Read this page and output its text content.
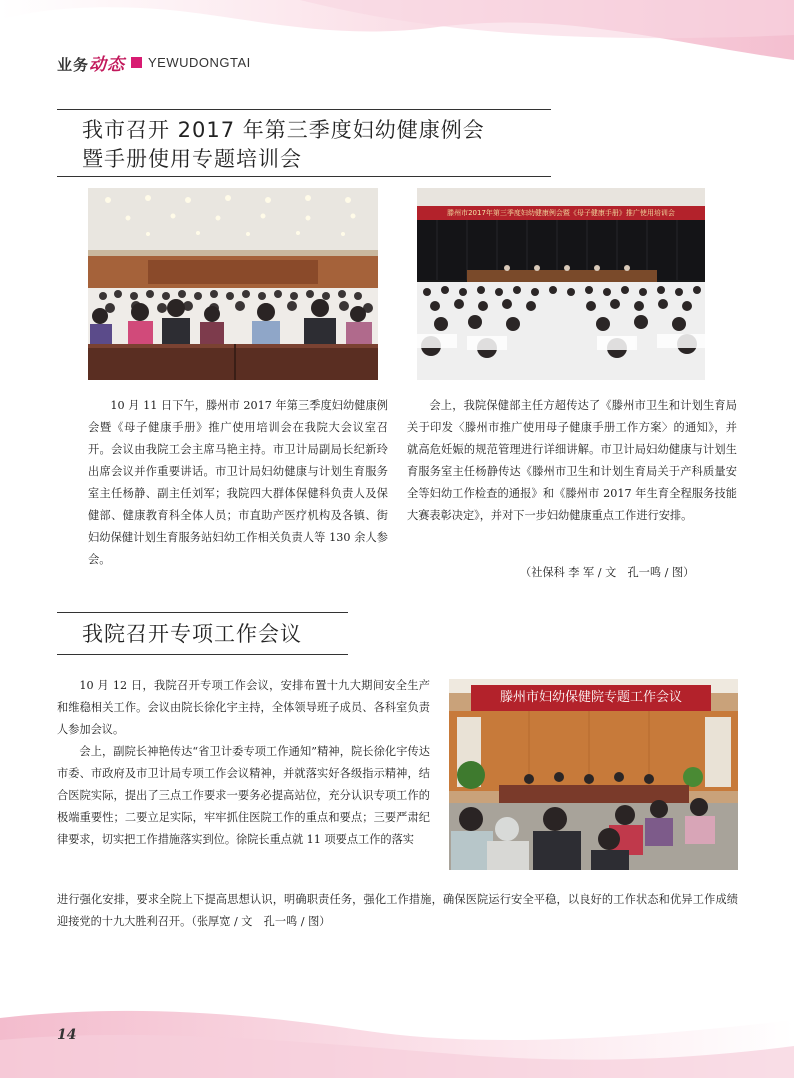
业务动态 YEWUDONGTAI
我市召开 2017 年第三季度妇幼健康例会
暨手册使用专题培训会
滕州市2017年第三季度妇幼健康例会暨《母子健康手册》推广使用培训会

10 月 11 日下午，滕州市 2017 年第三季度妇幼健康例会暨《母子健康手册》推广使用培训会在我院大会议室召开。会议由我院工会主席马艳主持。市卫计局副局长纪新玲出席会议并作重要讲话。市卫计局妇幼健康与计划生育服务室主任杨静、副主任刘军；我院四大群体保健科负责人及保健部、健康教育科全体人员；市直助产医疗机构及各镇、街妇幼保健计划生育服务站妇幼工作相关负责人等 130 余人参会。

会上，我院保健部主任方超传达了《滕州市卫生和计划生育局关于印发〈滕州市推广使用母子健康手册工作方案〉的通知》，并就高危妊娠的规范管理进行详细讲解。市卫计局妇幼健康与计划生育服务室主任杨静传达《滕州市卫生和计划生育局关于产科质量安全等妇幼工作检查的通报》和《滕州市 2017 年生育全程服务技能大赛表彰决定》，并对下一步妇幼健康重点工作进行安排。

（社保科 李 军 / 文　孔一鸣 / 图）
我院召开专项工作会议
滕州市妇幼保健院专题工作会议

10 月 12 日，我院召开专项工作会议，安排布置十九大期间安全生产和维稳相关工作。会议由院长徐化宇主持，全体领导班子成员、各科室负责人参加会议。

会上，副院长神艳传达“省卫计委专项工作通知”精神，院长徐化宇传达市委、市政府及市卫计局专项工作会议精神，并就落实好各级指示精神，结合医院实际，提出了三点工作要求一要务必提高站位，充分认识专项工作的极端重要性；二要立足实际，牢牢抓住医院工作的重点和要点；三要严肃纪律要求，切实把工作措施落实到位。徐院长重点就 11 项要点工作的落实

进行强化安排，要求全院上下提高思想认识，明确职责任务，强化工作措施，确保医院运行安全平稳，以良好的工作状态和优异工作成绩迎接党的十九大胜利召开。（张厚宽 / 文　孔一鸣 / 图）

14
